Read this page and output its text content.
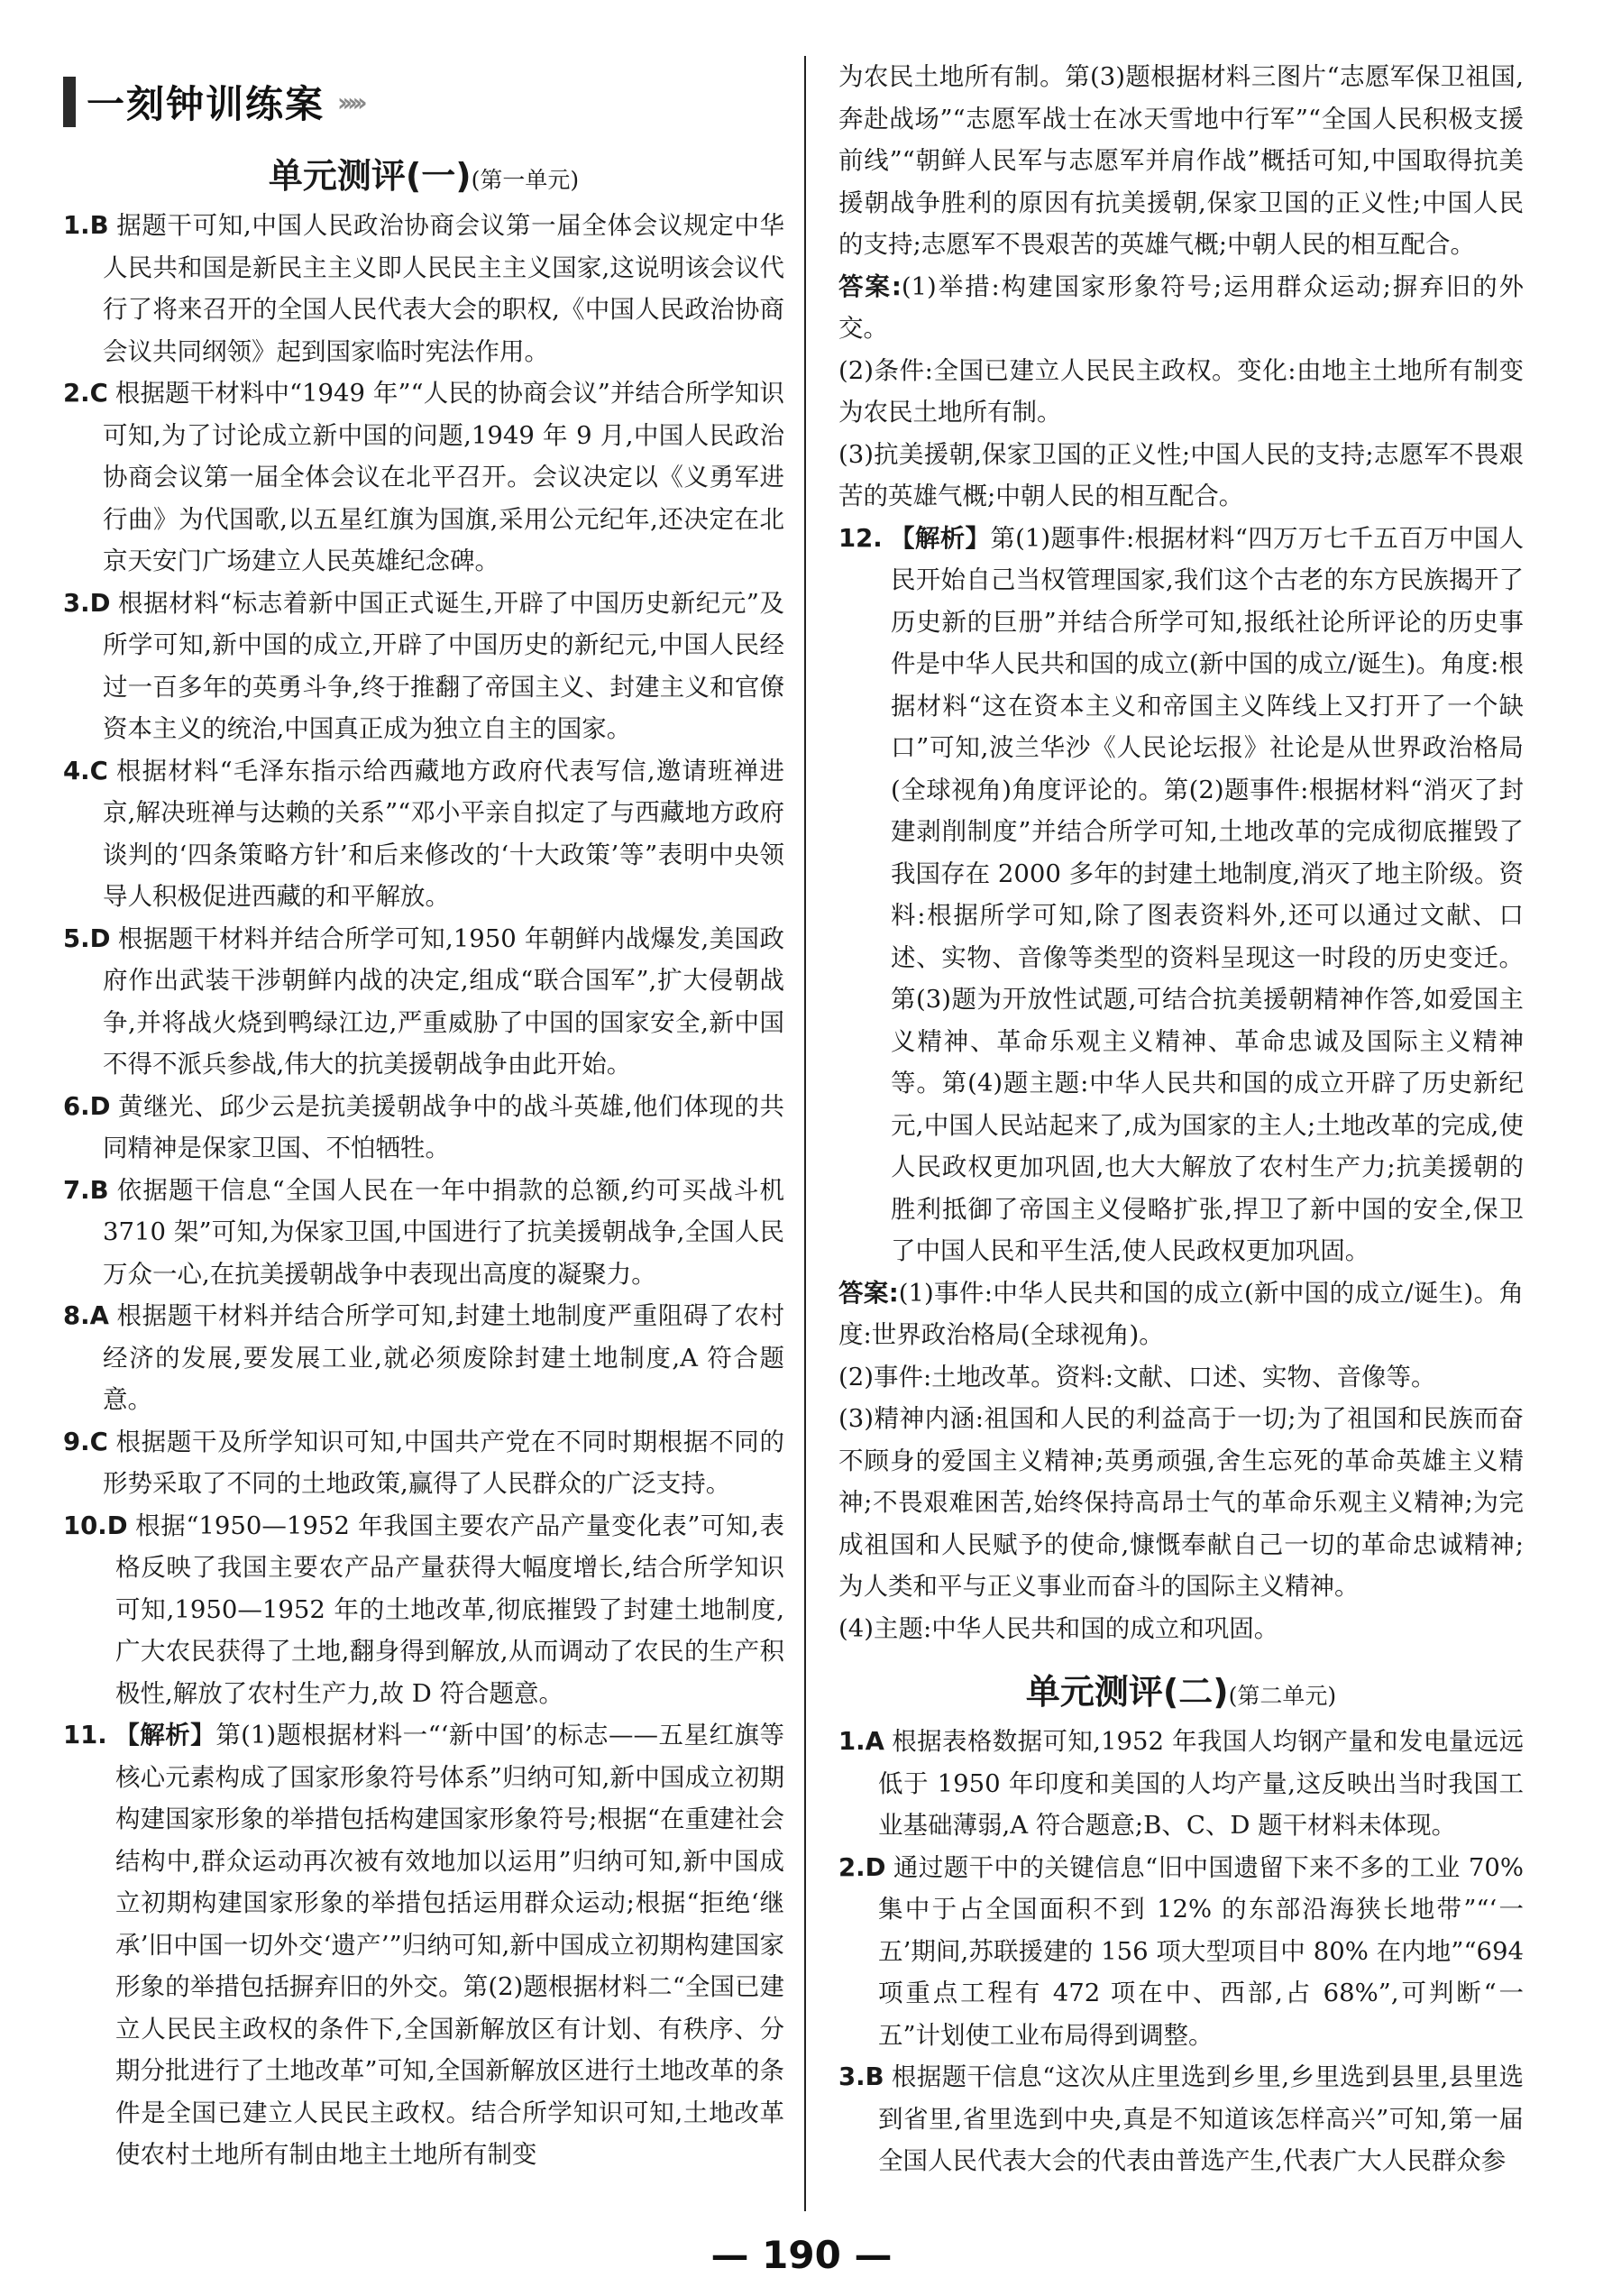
一刻钟训练案 ›››››
单元测评(一)(第一单元)

1.B 据题干可知,中国人民政治协商会议第一届全体会议规定中华人民共和国是新民主主义即人民民主主义国家,这说明该会议代行了将来召开的全国人民代表大会的职权,《中国人民政治协商会议共同纲领》起到国家临时宪法作用。

2.C 根据题干材料中“1949 年”“人民的协商会议”并结合所学知识可知,为了讨论成立新中国的问题,1949 年 9 月,中国人民政治协商会议第一届全体会议在北平召开。会议决定以《义勇军进行曲》为代国歌,以五星红旗为国旗,采用公元纪年,还决定在北京天安门广场建立人民英雄纪念碑。

3.D 根据材料“标志着新中国正式诞生,开辟了中国历史新纪元”及所学可知,新中国的成立,开辟了中国历史的新纪元,中国人民经过一百多年的英勇斗争,终于推翻了帝国主义、封建主义和官僚资本主义的统治,中国真正成为独立自主的国家。

4.C 根据材料“毛泽东指示给西藏地方政府代表写信,邀请班禅进京,解决班禅与达赖的关系”“邓小平亲自拟定了与西藏地方政府谈判的‘四条策略方针’和后来修改的‘十大政策’等”表明中央领导人积极促进西藏的和平解放。

5.D 根据题干材料并结合所学可知,1950 年朝鲜内战爆发,美国政府作出武装干涉朝鲜内战的决定,组成“联合国军”,扩大侵朝战争,并将战火烧到鸭绿江边,严重威胁了中国的国家安全,新中国不得不派兵参战,伟大的抗美援朝战争由此开始。

6.D 黄继光、邱少云是抗美援朝战争中的战斗英雄,他们体现的共同精神是保家卫国、不怕牺牲。

7.B 依据题干信息“全国人民在一年中捐款的总额,约可买战斗机 3710 架”可知,为保家卫国,中国进行了抗美援朝战争,全国人民万众一心,在抗美援朝战争中表现出高度的凝聚力。

8.A 根据题干材料并结合所学可知,封建土地制度严重阻碍了农村经济的发展,要发展工业,就必须废除封建土地制度,A 符合题意。

9.C 根据题干及所学知识可知,中国共产党在不同时期根据不同的形势采取了不同的土地政策,赢得了人民群众的广泛支持。

10.D 根据“1950—1952 年我国主要农产品产量变化表”可知,表格反映了我国主要农产品产量获得大幅度增长,结合所学知识可知,1950—1952 年的土地改革,彻底摧毁了封建土地制度,广大农民获得了土地,翻身得到解放,从而调动了农民的生产积极性,解放了农村生产力,故 D 符合题意。

11. 【解析】第(1)题根据材料一“‘新中国’的标志——五星红旗等核心元素构成了国家形象符号体系”归纳可知,新中国成立初期构建国家形象的举措包括构建国家形象符号;根据“在重建社会结构中,群众运动再次被有效地加以运用”归纳可知,新中国成立初期构建国家形象的举措包括运用群众运动;根据“拒绝‘继承’旧中国一切外交‘遗产’”归纳可知,新中国成立初期构建国家形象的举措包括摒弃旧的外交。第(2)题根据材料二“全国已建立人民民主政权的条件下,全国新解放区有计划、有秩序、分期分批进行了土地改革”可知,全国新解放区进行土地改革的条件是全国已建立人民民主政权。结合所学知识可知,土地改革使农村土地所有制由地主土地所有制变

为农民土地所有制。第(3)题根据材料三图片“志愿军保卫祖国,奔赴战场”“志愿军战士在冰天雪地中行军”“全国人民积极支援前线”“朝鲜人民军与志愿军并肩作战”概括可知,中国取得抗美援朝战争胜利的原因有抗美援朝,保家卫国的正义性;中国人民的支持;志愿军不畏艰苦的英雄气概;中朝人民的相互配合。

答案:(1)举措:构建国家形象符号;运用群众运动;摒弃旧的外交。

(2)条件:全国已建立人民民主政权。变化:由地主土地所有制变为农民土地所有制。

(3)抗美援朝,保家卫国的正义性;中国人民的支持;志愿军不畏艰苦的英雄气概;中朝人民的相互配合。

12. 【解析】第(1)题事件:根据材料“四万万七千五百万中国人民开始自己当权管理国家,我们这个古老的东方民族揭开了历史新的巨册”并结合所学可知,报纸社论所评论的历史事件是中华人民共和国的成立(新中国的成立/诞生)。角度:根据材料“这在资本主义和帝国主义阵线上又打开了一个缺口”可知,波兰华沙《人民论坛报》社论是从世界政治格局(全球视角)角度评论的。第(2)题事件:根据材料“消灭了封建剥削制度”并结合所学可知,土地改革的完成彻底摧毁了我国存在 2000 多年的封建土地制度,消灭了地主阶级。资料:根据所学可知,除了图表资料外,还可以通过文献、口述、实物、音像等类型的资料呈现这一时段的历史变迁。第(3)题为开放性试题,可结合抗美援朝精神作答,如爱国主义精神、革命乐观主义精神、革命忠诚及国际主义精神等。第(4)题主题:中华人民共和国的成立开辟了历史新纪元,中国人民站起来了,成为国家的主人;土地改革的完成,使人民政权更加巩固,也大大解放了农村生产力;抗美援朝的胜利抵御了帝国主义侵略扩张,捍卫了新中国的安全,保卫了中国人民和平生活,使人民政权更加巩固。

答案:(1)事件:中华人民共和国的成立(新中国的成立/诞生)。角度:世界政治格局(全球视角)。

(2)事件:土地改革。资料:文献、口述、实物、音像等。

(3)精神内涵:祖国和人民的利益高于一切;为了祖国和民族而奋不顾身的爱国主义精神;英勇顽强,舍生忘死的革命英雄主义精神;不畏艰难困苦,始终保持高昂士气的革命乐观主义精神;为完成祖国和人民赋予的使命,慷慨奉献自己一切的革命忠诚精神;为人类和平与正义事业而奋斗的国际主义精神。

(4)主题:中华人民共和国的成立和巩固。

单元测评(二)(第二单元)

1.A 根据表格数据可知,1952 年我国人均钢产量和发电量远远低于 1950 年印度和美国的人均产量,这反映出当时我国工业基础薄弱,A 符合题意;B、C、D 题干材料未体现。

2.D 通过题干中的关键信息“旧中国遗留下来不多的工业 70% 集中于占全国面积不到 12% 的东部沿海狭长地带”“‘一五’期间,苏联援建的 156 项大型项目中 80% 在内地”“694 项重点工程有 472 项在中、西部,占 68%”,可判断“一五”计划使工业布局得到调整。

3.B 根据题干信息“这次从庄里选到乡里,乡里选到县里,县里选到省里,省里选到中央,真是不知道该怎样高兴”可知,第一届全国人民代表大会的代表由普选产生,代表广大人民群众参

— 190 —
